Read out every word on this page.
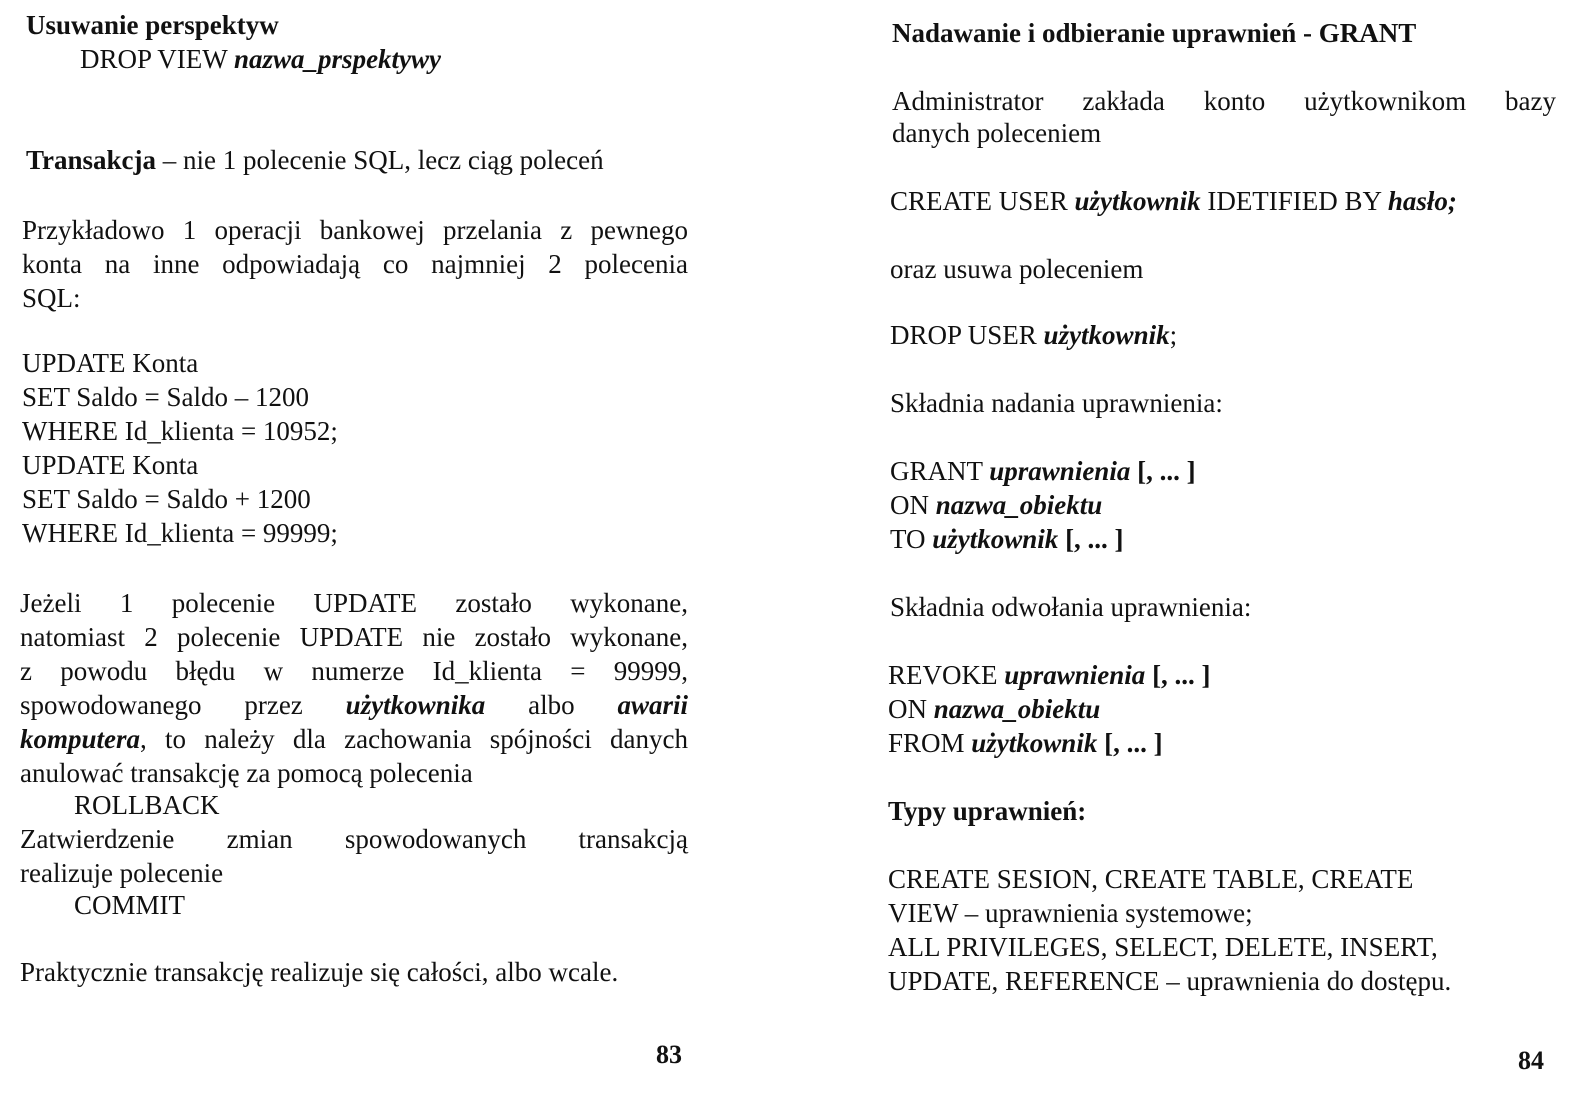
Usuwanie perspektyw
DROP VIEW nazwa_prspektywy
Transakcja – nie 1 polecenie SQL, lecz ciąg poleceń
Przykładowo 1 operacji bankowej przelania z pewnego
konta na inne odpowiadają co najmniej 2 polecenia
SQL:
UPDATE Konta
SET Saldo = Saldo – 1200
WHERE Id_klienta = 10952;
UPDATE Konta
SET Saldo = Saldo + 1200
WHERE Id_klienta = 99999;
Jeżeli 1 polecenie UPDATE zostało wykonane,
natomiast 2 polecenie UPDATE nie zostało wykonane,
z powodu błędu w numerze Id_klienta = 99999,
spowodowanego przez użytkownika albo awarii
komputera, to należy dla zachowania spójności danych
anulować transakcję za pomocą polecenia
ROLLBACK
Zatwierdzenie zmian spowodowanych transakcją
realizuje polecenie
COMMIT
Praktycznie transakcję realizuje się całości, albo wcale.
83
Nadawanie i odbieranie uprawnień - GRANT
Administrator zakłada konto użytkownikom bazy
danych poleceniem
CREATE USER użytkownik IDETIFIED BY hasło;
oraz usuwa poleceniem
DROP USER użytkownik;
Składnia nadania uprawnienia:
GRANT uprawnienia [, ... ]
ON nazwa_obiektu
TO użytkownik [, ... ]
Składnia odwołania uprawnienia:
REVOKE uprawnienia [, ... ]
ON nazwa_obiektu
FROM użytkownik [, ... ]
Typy uprawnień:
CREATE SESION, CREATE TABLE, CREATE
VIEW – uprawnienia systemowe;
ALL PRIVILEGES, SELECT, DELETE, INSERT,
UPDATE, REFERENCE – uprawnienia do dostępu.
84
